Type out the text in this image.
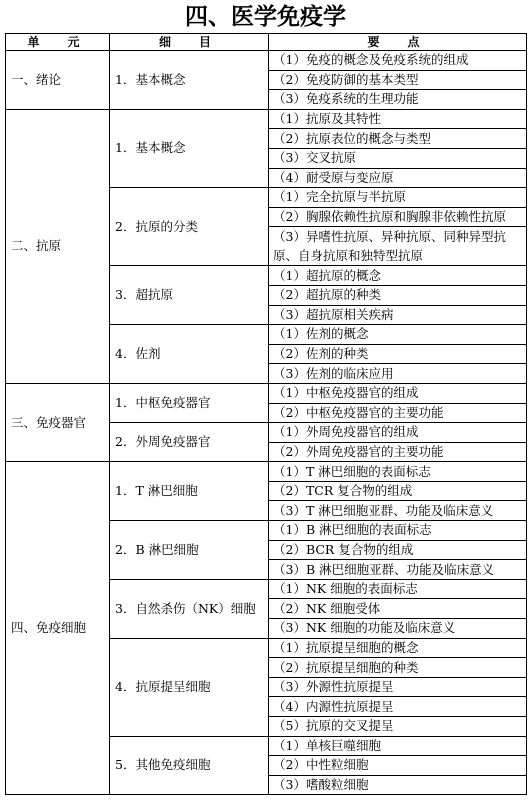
四、医学免疫学
单　元	细　目	要　点
一、绪论	1．基本概念	（1）免疫的概念及免疫系统的组成
		（2）免疫防御的基本类型
		（3）免疫系统的生理功能
二、抗原	1．基本概念	（1）抗原及其特性
		（2）抗原表位的概念与类型
		（3）交叉抗原
		（4）耐受原与变应原
	2．抗原的分类	（1）完全抗原与半抗原
		（2）胸腺依赖性抗原和胸腺非依赖性抗原
		（3）异嗜性抗原、异种抗原、同种异型抗原、自身抗原和独特型抗原
	3．超抗原	（1）超抗原的概念
		（2）超抗原的种类
		（3）超抗原相关疾病
	4．佐剂	（1）佐剂的概念
		（2）佐剂的种类
		（3）佐剂的临床应用
三、免疫器官	1．中枢免疫器官	（1）中枢免疫器官的组成
		（2）中枢免疫器官的主要功能
	2．外周免疫器官	（1）外周免疫器官的组成
		（2）外周免疫器官的主要功能
四、免疫细胞	1．T 淋巴细胞	（1）T 淋巴细胞的表面标志
		（2）TCR 复合物的组成
		（3）T 淋巴细胞亚群、功能及临床意义
	2．B 淋巴细胞	（1）B 淋巴细胞的表面标志
		（2）BCR 复合物的组成
		（3）B 淋巴细胞亚群、功能及临床意义
	3．自然杀伤（NK）细胞	（1）NK 细胞的表面标志
		（2）NK 细胞受体
		（3）NK 细胞的功能及临床意义
	4．抗原提呈细胞	（1）抗原提呈细胞的概念
		（2）抗原提呈细胞的种类
		（3）外源性抗原提呈
		（4）内源性抗原提呈
		（5）抗原的交叉提呈
	5．其他免疫细胞	（1）单核巨噬细胞
		（2）中性粒细胞
		（3）嗜酸粒细胞
